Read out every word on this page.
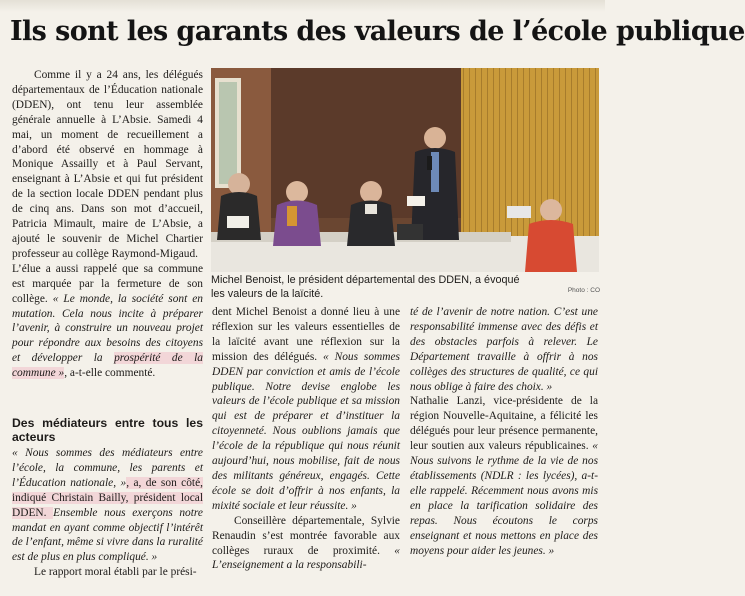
Ils sont les garants des valeurs de l’école publique

Comme il y a 24 ans, les délégués départementaux de l’Éducation nationale (DDEN), ont tenu leur assemblée générale annuelle à L’Absie. Samedi 4 mai, un moment de recueillement a d’abord été observé en hommage à Monique Assailly et à Paul Servant, enseignant à L’Absie et qui fut président de la section locale DDEN pendant plus de cinq ans. Dans son mot d’accueil, Patricia Mimault, maire de L’Absie, a ajouté le souvenir de Michel Chartier professeur au collège Raymond-Migaud.

L’élue a aussi rappelé que sa commune est marquée par la fermeture de son collège. « Le monde, la société sont en mutation. Cela nous incite à préparer l’avenir, à construire un nouveau projet pour répondre aux besoins des citoyens et développer la prospérité de la commune », a-t-elle commenté.

Des médiateurs entre tous les acteurs

« Nous sommes des médiateurs entre l’école, la commune, les parents et l’Éducation nationale, », a, de son côté, indiqué Christain Bailly, président local DDEN. Ensemble nous exerçons notre mandat en ayant comme objectif l’intérêt de l’enfant, même si vivre dans la ruralité est de plus en plus compliqué. »

Le rapport moral établi par le prési-

Michel Benoist, le président départemental des DDEN, a évoqué les valeurs de la laïcité.	Photo : CO

dent Michel Benoist a donné lieu à une réflexion sur les valeurs essentielles de la laïcité avant une réflexion sur la mission des délégués. « Nous sommes DDEN par conviction et amis de l’école publique. Notre devise englobe les valeurs de l’école publique et sa mission qui est de préparer et d’instituer la citoyenneté. Nous oublions jamais que l’école de la république qui nous réunit aujourd’hui, nous mobilise, fait de nous des militants généreux, engagés. Cette école se doit d’offrir à nos enfants, la mixité sociale et leur réussite. »

Conseillère départementale, Sylvie Renaudin s’est montrée favorable aux collèges ruraux de proximité. « L’enseignement a la responsabili-

té de l’avenir de notre nation. C’est une responsabilité immense avec des défis et des obstacles parfois à relever. Le Département travaille à offrir à nos collèges des structures de qualité, ce qui nous oblige à faire des choix. »

Nathalie Lanzi, vice-présidente de la région Nouvelle-Aquitaine, a félicité les délégués pour leur présence permanente, leur soutien aux valeurs républicaines. « Nous suivons le rythme de la vie de nos établissements (NDLR : les lycées), a-t-elle rappelé. Récemment nous avons mis en place la tarification solidaire des repas. Nous écoutons le corps enseignant et nous mettons en place des moyens pour aider les jeunes. »
